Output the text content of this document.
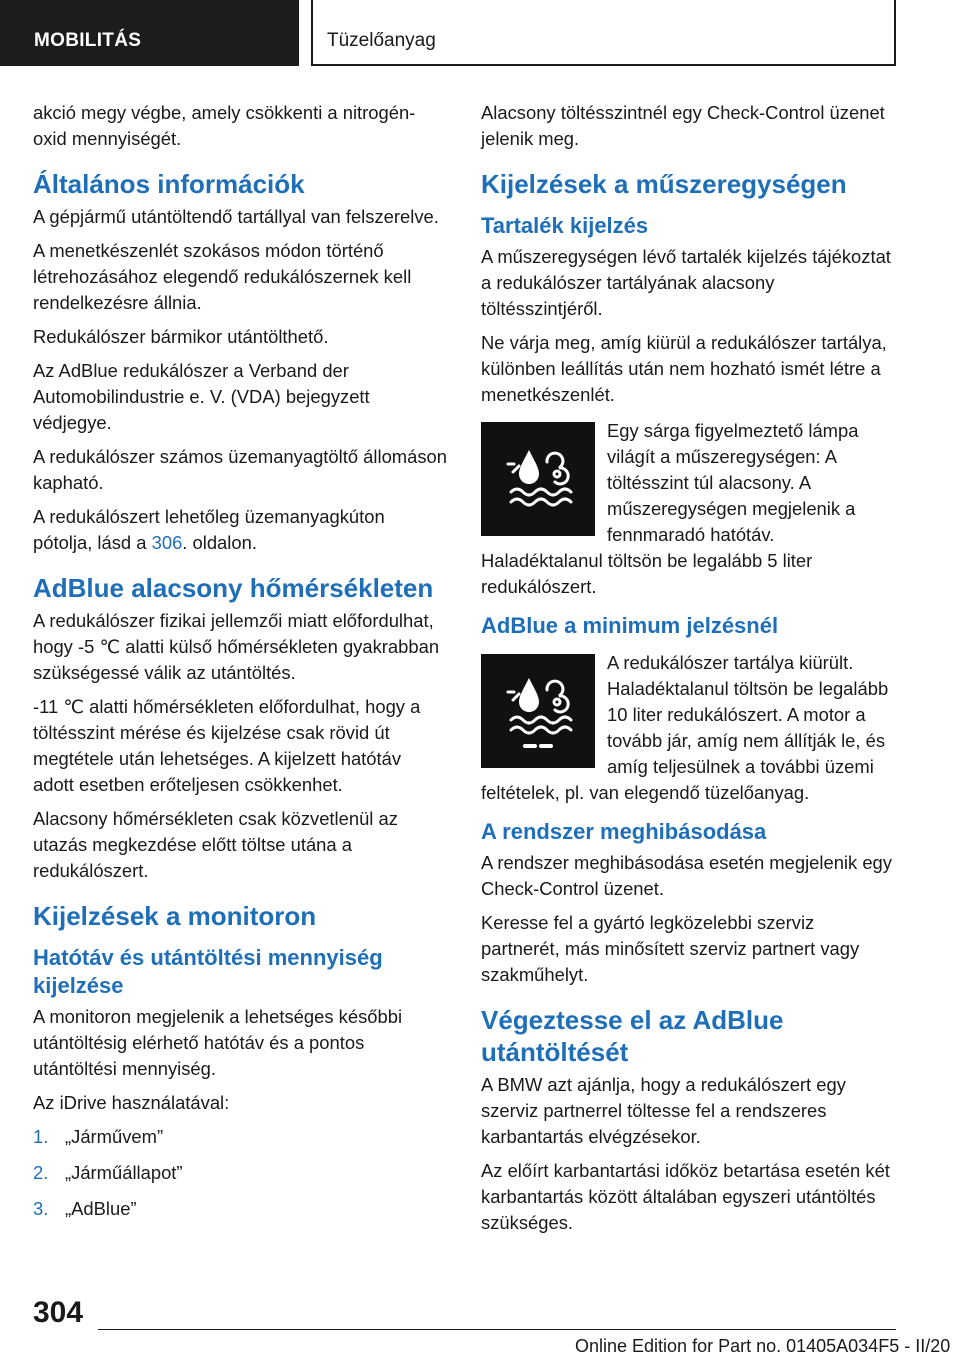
MOBILITÁS	Tüzelőanyag

akció megy végbe, amely csökkenti a nitrogén-oxid mennyiségét.

Általános információk

A gépjármű utántöltendő tartállyal van felszerelve.

A menetkészenlét szokásos módon történő létrehozásához elegendő redukálószernek kell rendelkezésre állnia.

Redukálószer bármikor utántölthető.

Az AdBlue redukálószer a Verband der Automobilindustrie e. V. (VDA) bejegyzett védjegye.

A redukálószer számos üzemanyagtöltő állomáson kapható.

A redukálószert lehetőleg üzemanyagkúton pótolja, lásd a 306. oldalon.

AdBlue alacsony hőmérsékleten

A redukálószer fizikai jellemzői miatt előfordulhat, hogy -5 ℃ alatti külső hőmérsékleten gyakrabban szükségessé válik az utántöltés.

-11 ℃ alatti hőmérsékleten előfordulhat, hogy a töltésszint mérése és kijelzése csak rövid út megtétele után lehetséges. A kijelzett hatótáv adott esetben erőteljesen csökkenhet.

Alacsony hőmérsékleten csak közvetlenül az utazás megkezdése előtt töltse utána a redukálószert.

Kijelzések a monitoron
Hatótáv és utántöltési mennyiség kijelzése

A monitoron megjelenik a lehetséges későbbi utántöltésig elérhető hatótáv és a pontos utántöltési mennyiség.

Az iDrive használatával:

1. „Járművem”
2. „Járműállapot”
3. „AdBlue”

Alacsony töltésszintnél egy Check-Control üzenet jelenik meg.

Kijelzések a műszeregységen
Tartalék kijelzés

A műszeregységen lévő tartalék kijelzés tájékoztat a redukálószer tartályának alacsony töltésszintjéről.

Ne várja meg, amíg kiürül a redukálószer tartálya, különben leállítás után nem hozható ismét létre a menetkészenlét.

Egy sárga figyelmeztető lámpa világít a műszeregységen: A töltésszint túl alacsony. A műszeregységen megjelenik a fennmaradó hatótáv. Haladéktalanul töltsön be legalább 5 liter redukálószert.

AdBlue a minimum jelzésnél

A redukálószer tartálya kiürült. Haladéktalanul töltsön be legalább 10 liter redukálószert. A motor a tovább jár, amíg nem állítják le, és amíg teljesülnek a további üzemi feltételek, pl. van elegendő tüzelőanyag.

A rendszer meghibásodása

A rendszer meghibásodása esetén megjelenik egy Check-Control üzenet.

Keresse fel a gyártó legközelebbi szerviz partnerét, más minősített szerviz partnert vagy szakműhelyt.

Végeztesse el az AdBlue utántöltését

A BMW azt ajánlja, hogy a redukálószert egy szerviz partnerrel töltesse fel a rendszeres karbantartás elvégzésekor.

Az előírt karbantartási időköz betartása esetén két karbantartás között általában egyszeri utántöltés szükséges.

304
Online Edition for Part no. 01405A034F5 - II/20
